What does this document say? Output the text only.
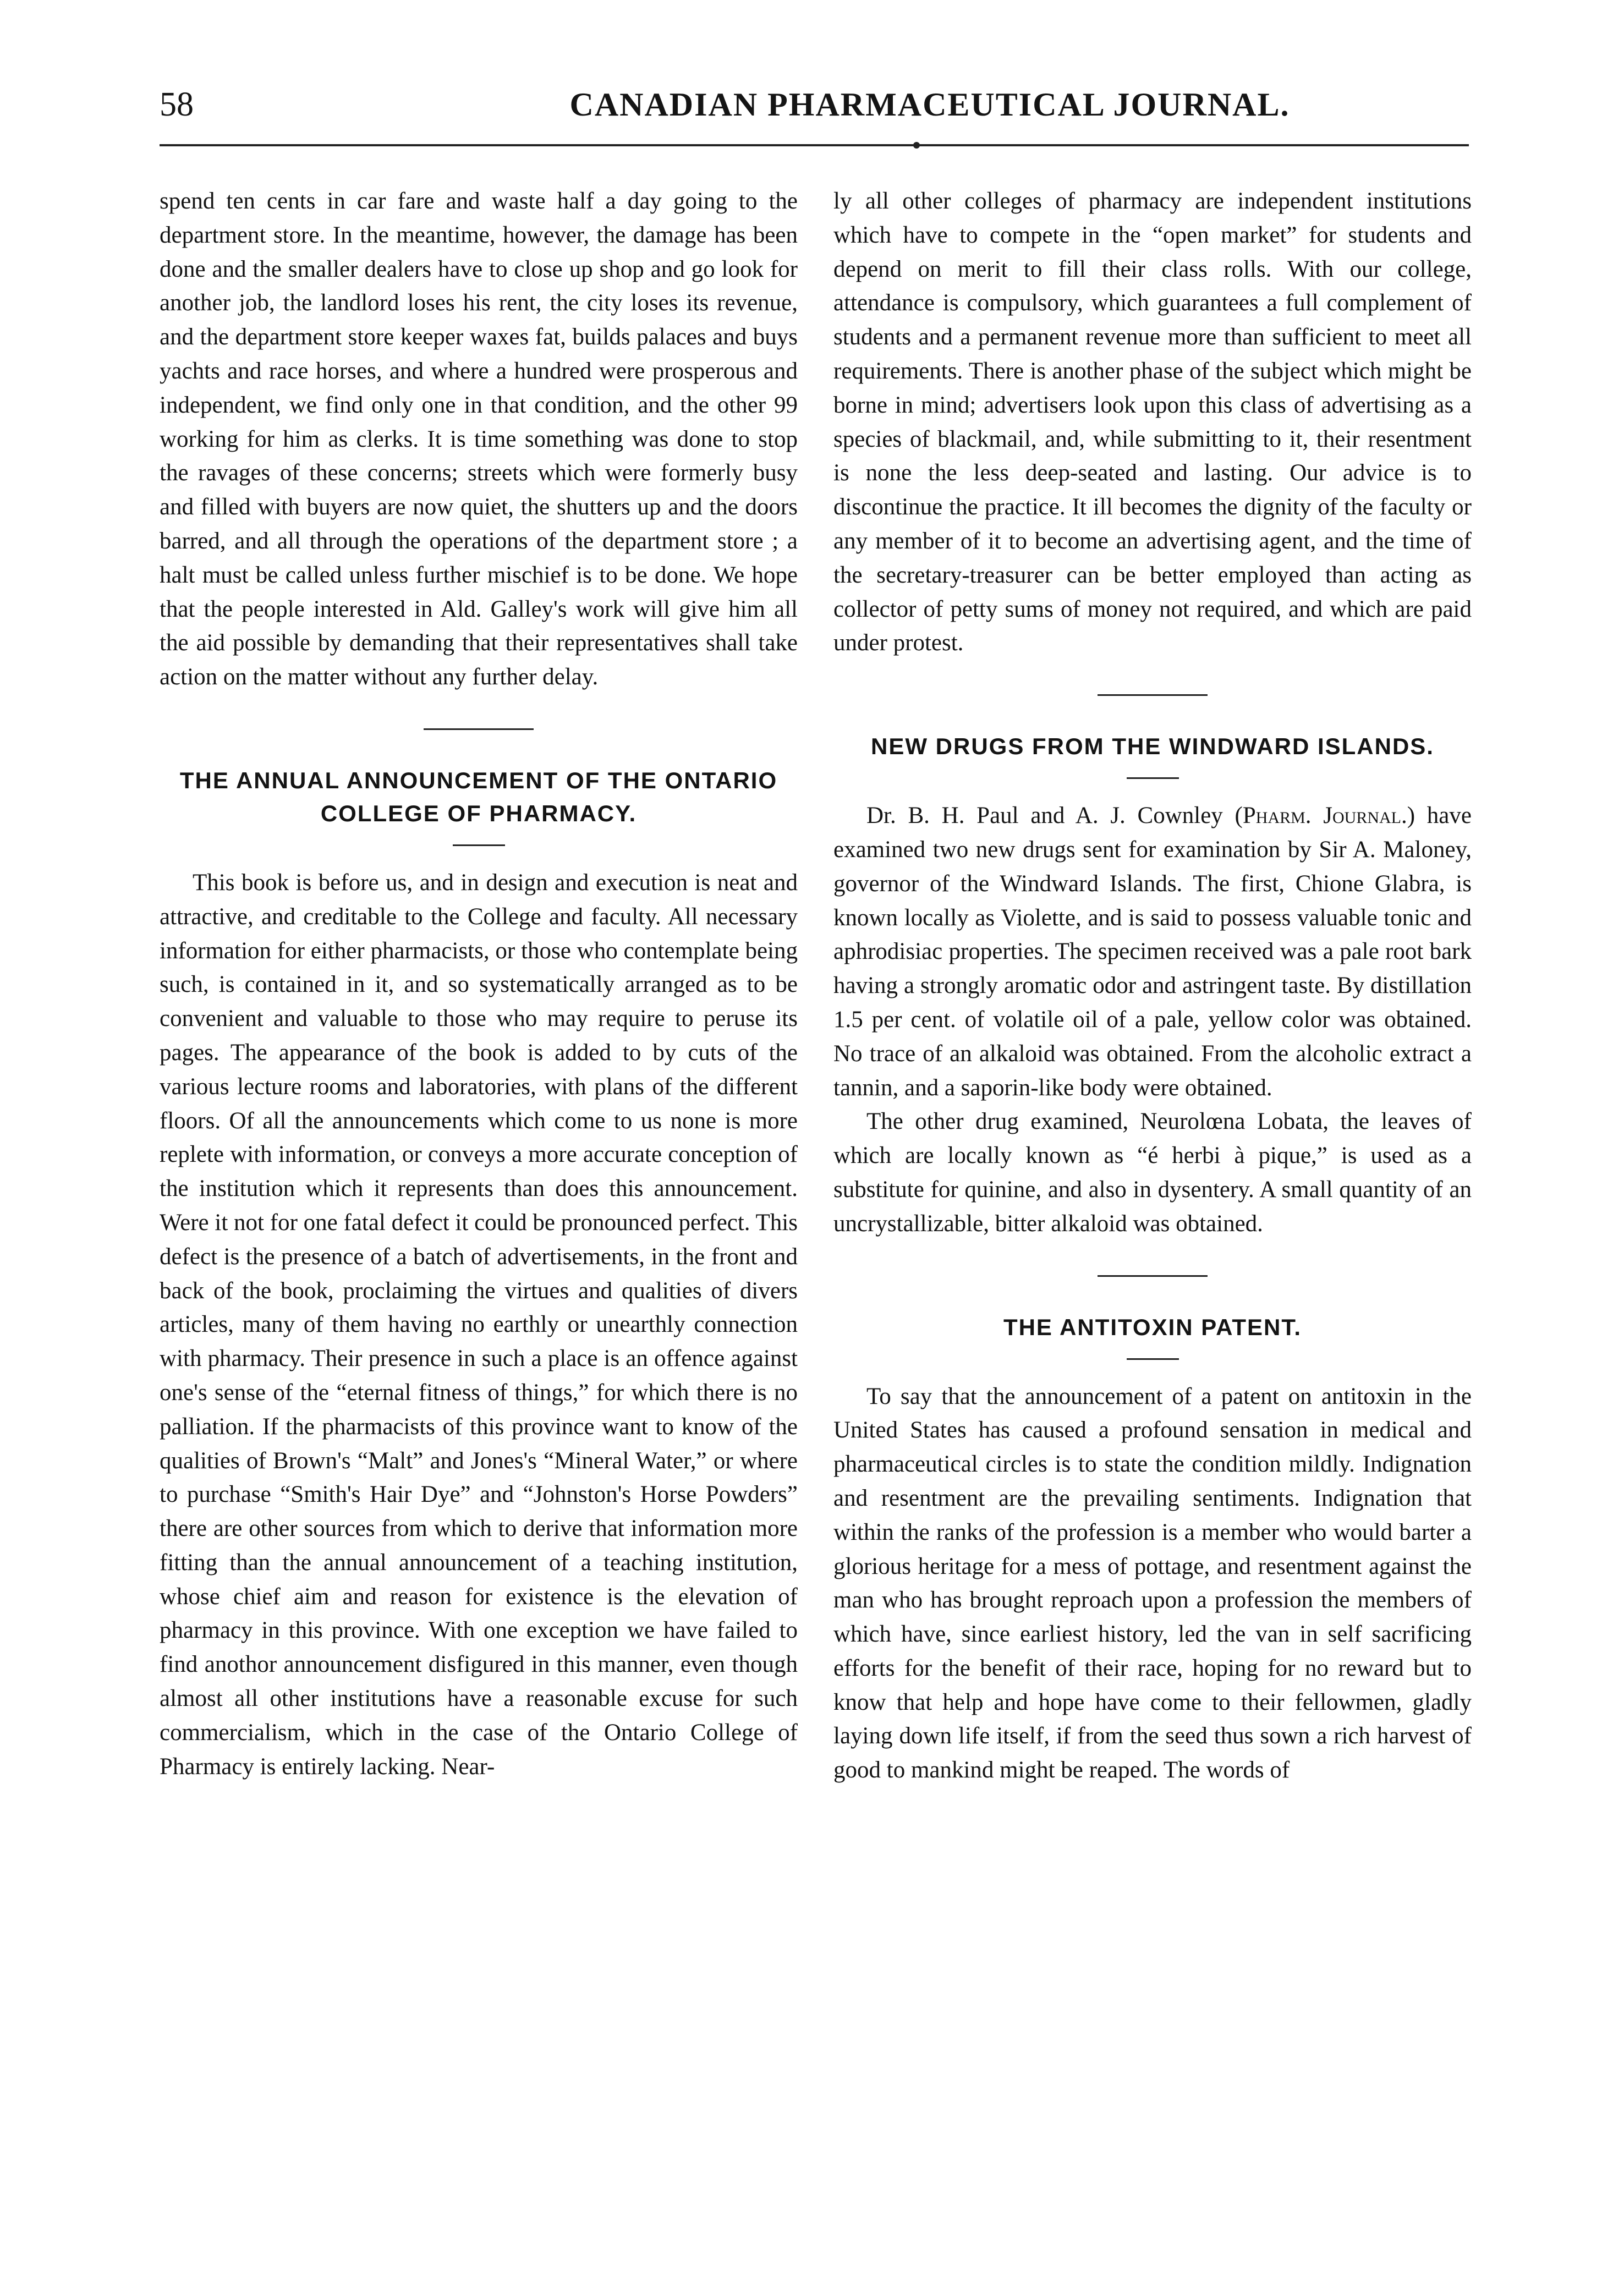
58	CANADIAN PHARMACEUTICAL JOURNAL.

spend ten cents in car fare and waste half a day going to the department store. In the meantime, however, the damage has been done and the smaller dealers have to close up shop and go look for another job, the landlord loses his rent, the city loses its revenue, and the department store keeper waxes fat, builds palaces and buys yachts and race horses, and where a hundred were prosperous and independent, we find only one in that condition, and the other 99 working for him as clerks. It is time something was done to stop the ravages of these concerns; streets which were formerly busy and filled with buyers are now quiet, the shutters up and the doors barred, and all through the operations of the department store ; a halt must be called unless further mischief is to be done. We hope that the people interested in Ald. Galley's work will give him all the aid possible by demanding that their representatives shall take action on the matter without any further delay.

THE ANNUAL ANNOUNCEMENT OF THE ONTARIO COLLEGE OF PHARMACY.

This book is before us, and in design and execution is neat and attractive, and creditable to the College and faculty. All necessary information for either pharmacists, or those who contemplate being such, is contained in it, and so systematically arranged as to be convenient and valuable to those who may require to peruse its pages. The appearance of the book is added to by cuts of the various lecture rooms and laboratories, with plans of the different floors. Of all the announcements which come to us none is more replete with information, or conveys a more accurate conception of the institution which it represents than does this announcement. Were it not for one fatal defect it could be pronounced perfect. This defect is the presence of a batch of advertisements, in the front and back of the book, proclaiming the virtues and qualities of divers articles, many of them having no earthly or unearthly connection with pharmacy. Their presence in such a place is an offence against one's sense of the “eternal fitness of things,” for which there is no palliation. If the pharmacists of this province want to know of the qualities of Brown's “Malt” and Jones's “Mineral Water,” or where to purchase “Smith's Hair Dye” and “Johnston's Horse Powders” there are other sources from which to derive that information more fitting than the annual announcement of a teaching institution, whose chief aim and reason for existence is the elevation of pharmacy in this province. With one exception we have failed to find anothor announcement disfigured in this manner, even though almost all other institutions have a reasonable excuse for such commercialism, which in the case of the Ontario College of Pharmacy is entirely lacking. Near-

ly all other colleges of pharmacy are independent institutions which have to compete in the “open market” for students and depend on merit to fill their class rolls. With our college, attendance is compulsory, which guarantees a full complement of students and a permanent revenue more than sufficient to meet all requirements. There is another phase of the subject which might be borne in mind; advertisers look upon this class of advertising as a species of blackmail, and, while submitting to it, their resentment is none the less deep-seated and lasting. Our advice is to discontinue the practice. It ill becomes the dignity of the faculty or any member of it to become an advertising agent, and the time of the secretary-treasurer can be better employed than acting as collector of petty sums of money not required, and which are paid under protest.

NEW DRUGS FROM THE WINDWARD ISLANDS.

Dr. B. H. Paul and A. J. Cownley (Pharm. Journal.) have examined two new drugs sent for examination by Sir A. Maloney, governor of the Windward Islands. The first, Chione Glabra, is known locally as Violette, and is said to possess valuable tonic and aphrodisiac properties. The specimen received was a pale root bark having a strongly aromatic odor and astringent taste. By distillation 1.5 per cent. of volatile oil of a pale, yellow color was obtained. No trace of an alkaloid was obtained. From the alcoholic extract a tannin, and a saporin-like body were obtained.

The other drug examined, Neurolœna Lobata, the leaves of which are locally known as “é herbi à pique,” is used as a substitute for quinine, and also in dysentery. A small quantity of an uncrystallizable, bitter alkaloid was obtained.

THE ANTITOXIN PATENT.

To say that the announcement of a patent on antitoxin in the United States has caused a profound sensation in medical and pharmaceutical circles is to state the condition mildly. Indignation and resentment are the prevailing sentiments. Indignation that within the ranks of the profession is a member who would barter a glorious heritage for a mess of pottage, and resentment against the man who has brought reproach upon a profession the members of which have, since earliest history, led the van in self sacrificing efforts for the benefit of their race, hoping for no reward but to know that help and hope have come to their fellowmen, gladly laying down life itself, if from the seed thus sown a rich harvest of good to mankind might be reaped. The words of
